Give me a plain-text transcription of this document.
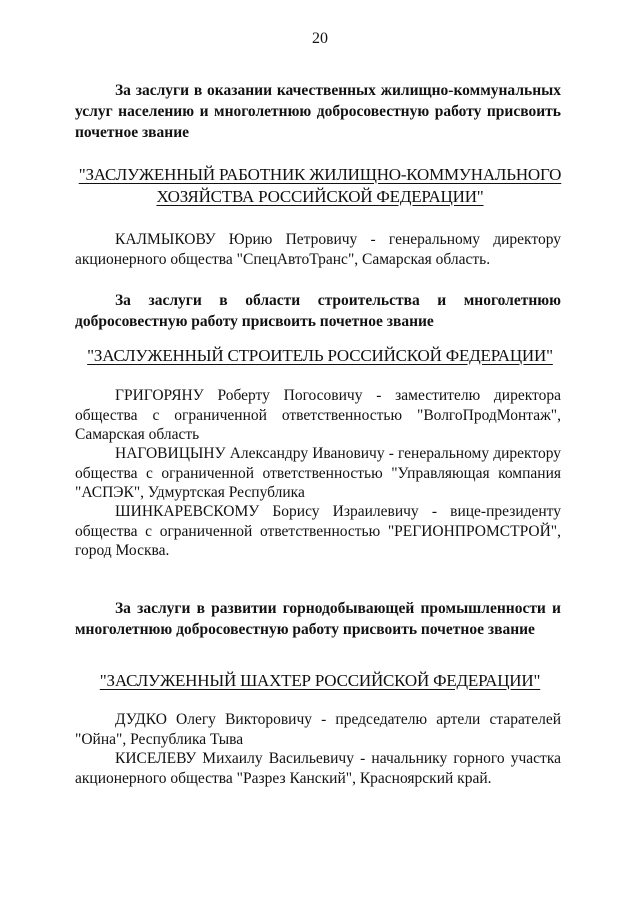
20
За заслуги в оказании качественных жилищно-коммунальных услуг населению и многолетнюю добросовестную работу присвоить почетное звание
"ЗАСЛУЖЕННЫЙ РАБОТНИК ЖИЛИЩНО-КОММУНАЛЬНОГО
ХОЗЯЙСТВА РОССИЙСКОЙ ФЕДЕРАЦИИ"
КАЛМЫКОВУ Юрию Петровичу - генеральному директору акционерного общества "СпецАвтоТранс", Самарская область.
За заслуги в области строительства и многолетнюю добросовестную работу присвоить почетное звание
"ЗАСЛУЖЕННЫЙ СТРОИТЕЛЬ РОССИЙСКОЙ ФЕДЕРАЦИИ"
ГРИГОРЯНУ Роберту Погосовичу - заместителю директора общества с ограниченной ответственностью "ВолгоПродМонтаж", Самарская область
НАГОВИЦЫНУ Александру Ивановичу - генеральному директору общества с ограниченной ответственностью "Управляющая компания "АСПЭК", Удмуртская Республика
ШИНКАРЕВСКОМУ Борису Израилевичу - вице-президенту общества с ограниченной ответственностью "РЕГИОНПРОМСТРОЙ", город Москва.
За заслуги в развитии горнодобывающей промышленности и многолетнюю добросовестную работу присвоить почетное звание
"ЗАСЛУЖЕННЫЙ ШАХТЕР РОССИЙСКОЙ ФЕДЕРАЦИИ"
ДУДКО Олегу Викторовичу - председателю артели старателей "Ойна", Республика Тыва
КИСЕЛЕВУ Михаилу Васильевичу - начальнику горного участка акционерного общества "Разрез Канский", Красноярский край.
